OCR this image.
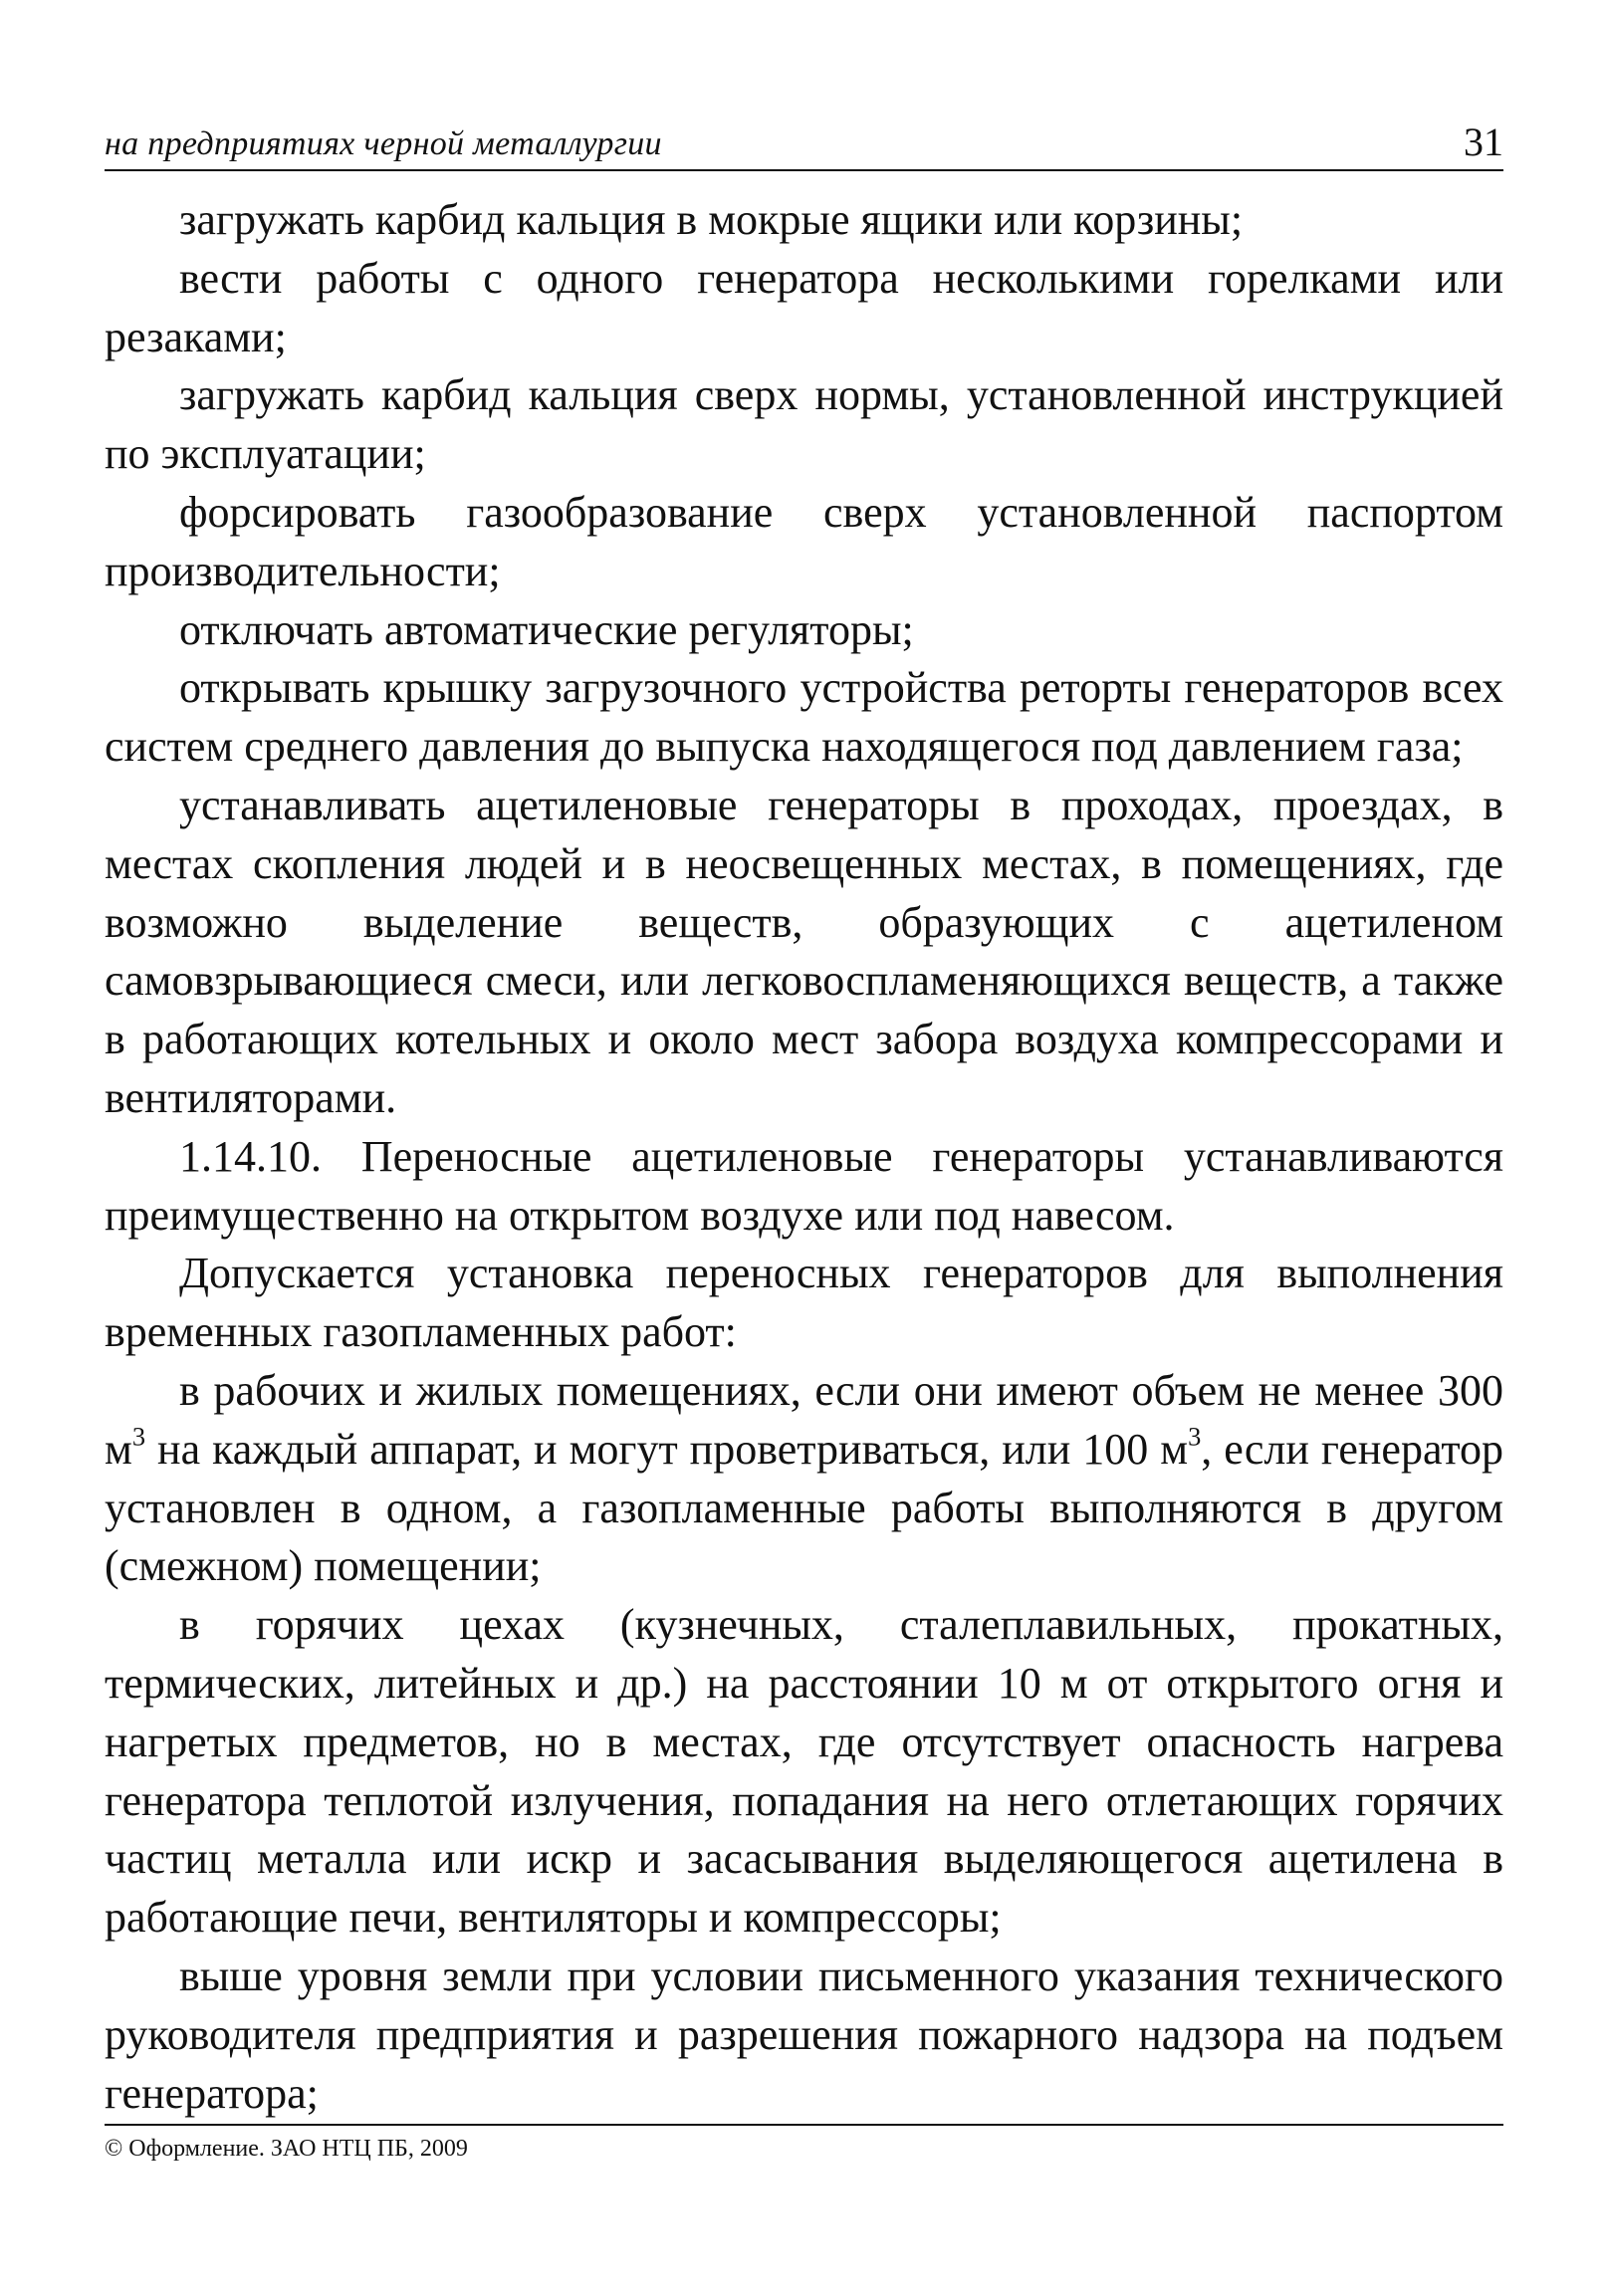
на предприятиях черной металлургии	31

загружать карбид кальция в мокрые ящики или корзины;

вести работы с одного генератора несколькими горелками или резаками;

загружать карбид кальция сверх нормы, установленной инструкцией по эксплуатации;

форсировать газообразование сверх установленной паспортом производительности;

отключать автоматические регуляторы;

открывать крышку загрузочного устройства реторты генераторов всех систем среднего давления до выпуска находящегося под давлением газа;

устанавливать ацетиленовые генераторы в проходах, проездах, в местах скопления людей и в неосвещенных местах, в помещениях, где возможно выделение веществ, образующих с ацетиленом самовзрывающиеся смеси, или легковоспламеняющихся веществ, а также в работающих котельных и около мест забора воздуха компрессорами и вентиляторами.

1.14.10. Переносные ацетиленовые генераторы устанавливаются преимущественно на открытом воздухе или под навесом.

Допускается установка переносных генераторов для выполнения временных газопламенных работ:

в рабочих и жилых помещениях, если они имеют объем не менее 300 $м^3$ на каждый аппарат, и могут проветриваться, или 100 $м^3$, если генератор установлен в одном, а газопламенные работы выполняются в другом (смежном) помещении;

в горячих цехах (кузнечных, сталеплавильных, прокатных, термических, литейных и др.) на расстоянии 10 м от открытого огня и нагретых предметов, но в местах, где отсутствует опасность нагрева генератора теплотой излучения, попадания на него отлетающих горячих частиц металла или искр и засасывания выделяющегося ацетилена в работающие печи, вентиляторы и компрессоры;

выше уровня земли при условии письменного указания технического руководителя предприятия и разрешения пожарного надзора на подъем генератора;

© Оформление. ЗАО НТЦ ПБ, 2009
